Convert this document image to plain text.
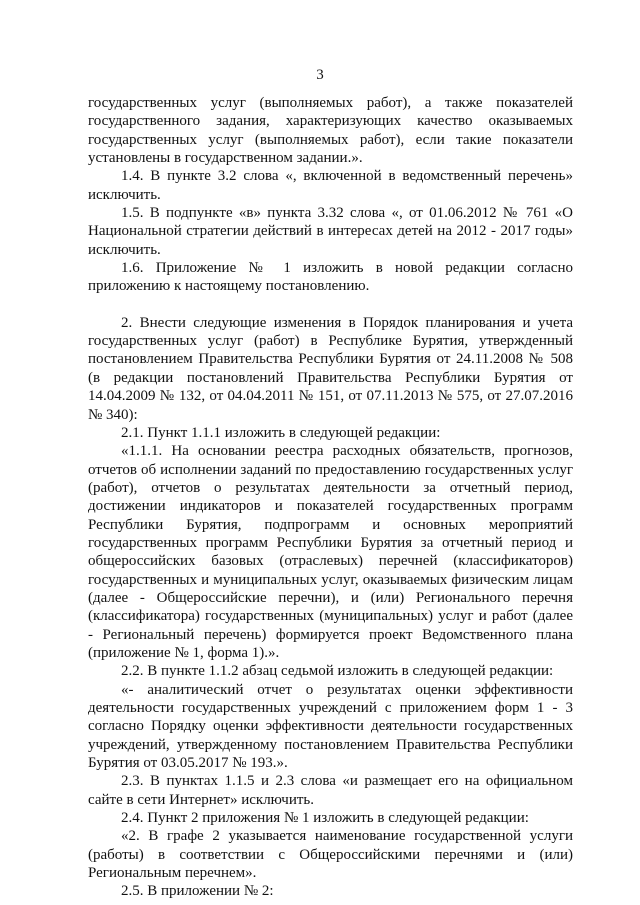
3

государственных услуг (выполняемых работ), а также показателей государственного задания, характеризующих качество оказываемых государственных услуг (выполняемых работ), если такие показатели установлены в государственном задании.».

1.4. В пункте 3.2 слова «, включенной в ведомственный перечень» исключить.

1.5. В подпункте «в» пункта 3.32 слова «, от 01.06.2012 № 761 «О Национальной стратегии действий в интересах детей на 2012 - 2017 годы» исключить.

1.6. Приложение № 1 изложить в новой редакции согласно приложению к настоящему постановлению.

2. Внести следующие изменения в Порядок планирования и учета государственных услуг (работ) в Республике Бурятия, утвержденный постановлением Правительства Республики Бурятия от 24.11.2008 № 508 (в редакции постановлений Правительства Республики Бурятия от 14.04.2009 № 132, от 04.04.2011 № 151, от 07.11.2013 № 575, от 27.07.2016 № 340):

2.1. Пункт 1.1.1 изложить в следующей редакции:

«1.1.1. На основании реестра расходных обязательств, прогнозов, отчетов об исполнении заданий по предоставлению государственных услуг (работ), отчетов о результатах деятельности за отчетный период, достижении индикаторов и показателей государственных программ Республики Бурятия, подпрограмм и основных мероприятий государственных программ Республики Бурятия за отчетный период и общероссийских базовых (отраслевых) перечней (классификаторов) государственных и муниципальных услуг, оказываемых физическим лицам (далее - Общероссийские перечни), и (или) Регионального перечня (классификатора) государственных (муниципальных) услуг и работ (далее - Региональный перечень) формируется проект Ведомственного плана (приложение № 1, форма 1).».

2.2. В пункте 1.1.2 абзац седьмой изложить в следующей редакции:

«- аналитический отчет о результатах оценки эффективности деятельности государственных учреждений с приложением форм 1 - 3 согласно Порядку оценки эффективности деятельности государственных учреждений, утвержденному постановлением Правительства Республики Бурятия от 03.05.2017 № 193.».

2.3. В пунктах 1.1.5 и 2.3 слова «и размещает его на официальном сайте в сети Интернет» исключить.

2.4. Пункт 2 приложения № 1 изложить в следующей редакции:

«2. В графе 2 указывается наименование государственной услуги (работы) в соответствии с Общероссийскими перечнями и (или) Региональным перечнем».

2.5. В приложении № 2:
